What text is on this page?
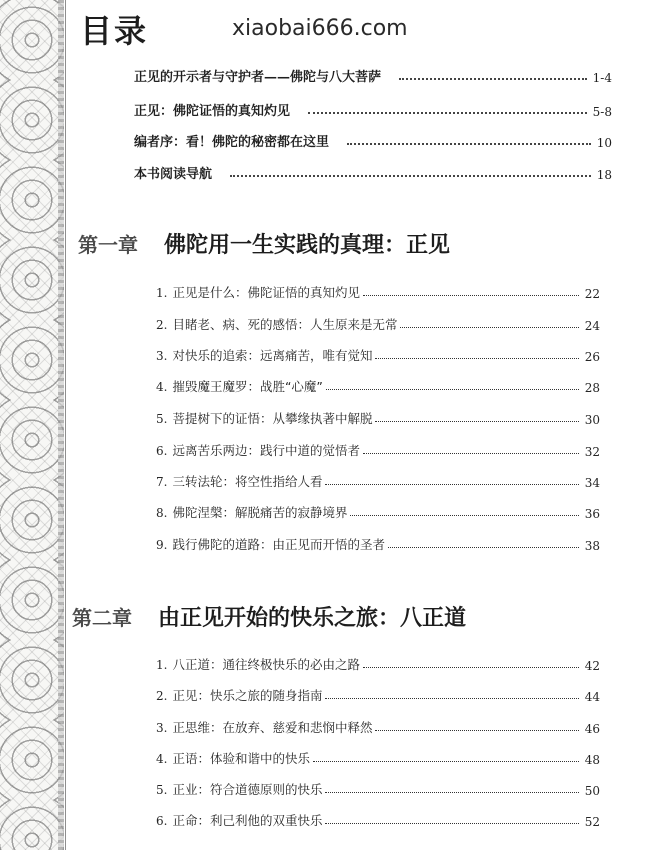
目录	xiaobai666.com
正见的开示者与守护者——佛陀与八大菩萨	1-4
正见：佛陀证悟的真知灼见	5-8
编者序：看！佛陀的秘密都在这里	10
本书阅读导航	18
第一章 佛陀用一生实践的真理：正见
1. 正见是什么：佛陀证悟的真知灼见	22
2. 目睹老、病、死的感悟：人生原来是无常	24
3. 对快乐的追索：远离痛苦，唯有觉知	26
4. 摧毁魔王魔罗：战胜“心魔”	28
5. 菩提树下的证悟：从攀缘执著中解脱	30
6. 远离苦乐两边：践行中道的觉悟者	32
7. 三转法轮：将空性指给人看	34
8. 佛陀涅槃：解脱痛苦的寂静境界	36
9. 践行佛陀的道路：由正见而开悟的圣者	38
第二章 由正见开始的快乐之旅：八正道
1. 八正道：通往终极快乐的必由之路	42
2. 正见：快乐之旅的随身指南	44
3. 正思维：在放弃、慈爱和悲悯中释然	46
4. 正语：体验和谐中的快乐	48
5. 正业：符合道德原则的快乐	50
6. 正命：利己利他的双重快乐	52
